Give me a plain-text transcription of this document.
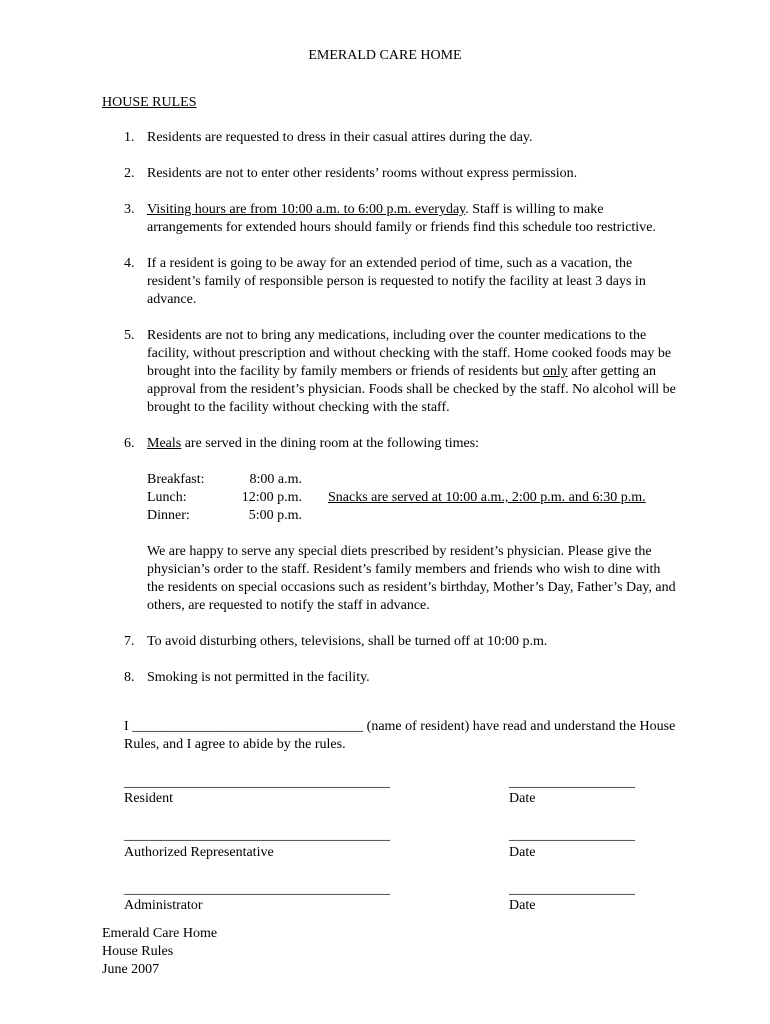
EMERALD CARE HOME
HOUSE RULES
1. Residents are requested to dress in their casual attires during the day.
2. Residents are not to enter other residents’ rooms without express permission.
3. Visiting hours are from 10:00 a.m. to 6:00 p.m. everyday. Staff is willing to make arrangements for extended hours should family or friends find this schedule too restrictive.
4. If a resident is going to be away for an extended period of time, such as a vacation, the resident’s family of responsible person is requested to notify the facility at least 3 days in advance.
5. Residents are not to bring any medications, including over the counter medications to the facility, without prescription and without checking with the staff. Home cooked foods may be brought into the facility by family members or friends of residents but only after getting an approval from the resident’s physician. Foods shall be checked by the staff. No alcohol will be brought to the facility without checking with the staff.
6. Meals are served in the dining room at the following times:
Breakfast:	8:00 a.m.
Lunch:	12:00 p.m.
Dinner:	5:00 p.m.
Snacks are served at 10:00 a.m., 2:00 p.m. and 6:30 p.m.
We are happy to serve any special diets prescribed by resident’s physician. Please give the physician’s order to the staff. Resident’s family members and friends who wish to dine with the residents on special occasions such as resident’s birthday, Mother’s Day, Father’s Day, and others, are requested to notify the staff in advance.
7. To avoid disturbing others, televisions, shall be turned off at 10:00 p.m.
8. Smoking is not permitted in the facility.
I _________________________________ (name of resident) have read and understand the House Rules, and I agree to abide by the rules.
______________________________________
Resident
__________________
Date
______________________________________
Authorized Representative
__________________
Date
______________________________________
Administrator
__________________
Date
Emerald Care Home
House Rules
June 2007
